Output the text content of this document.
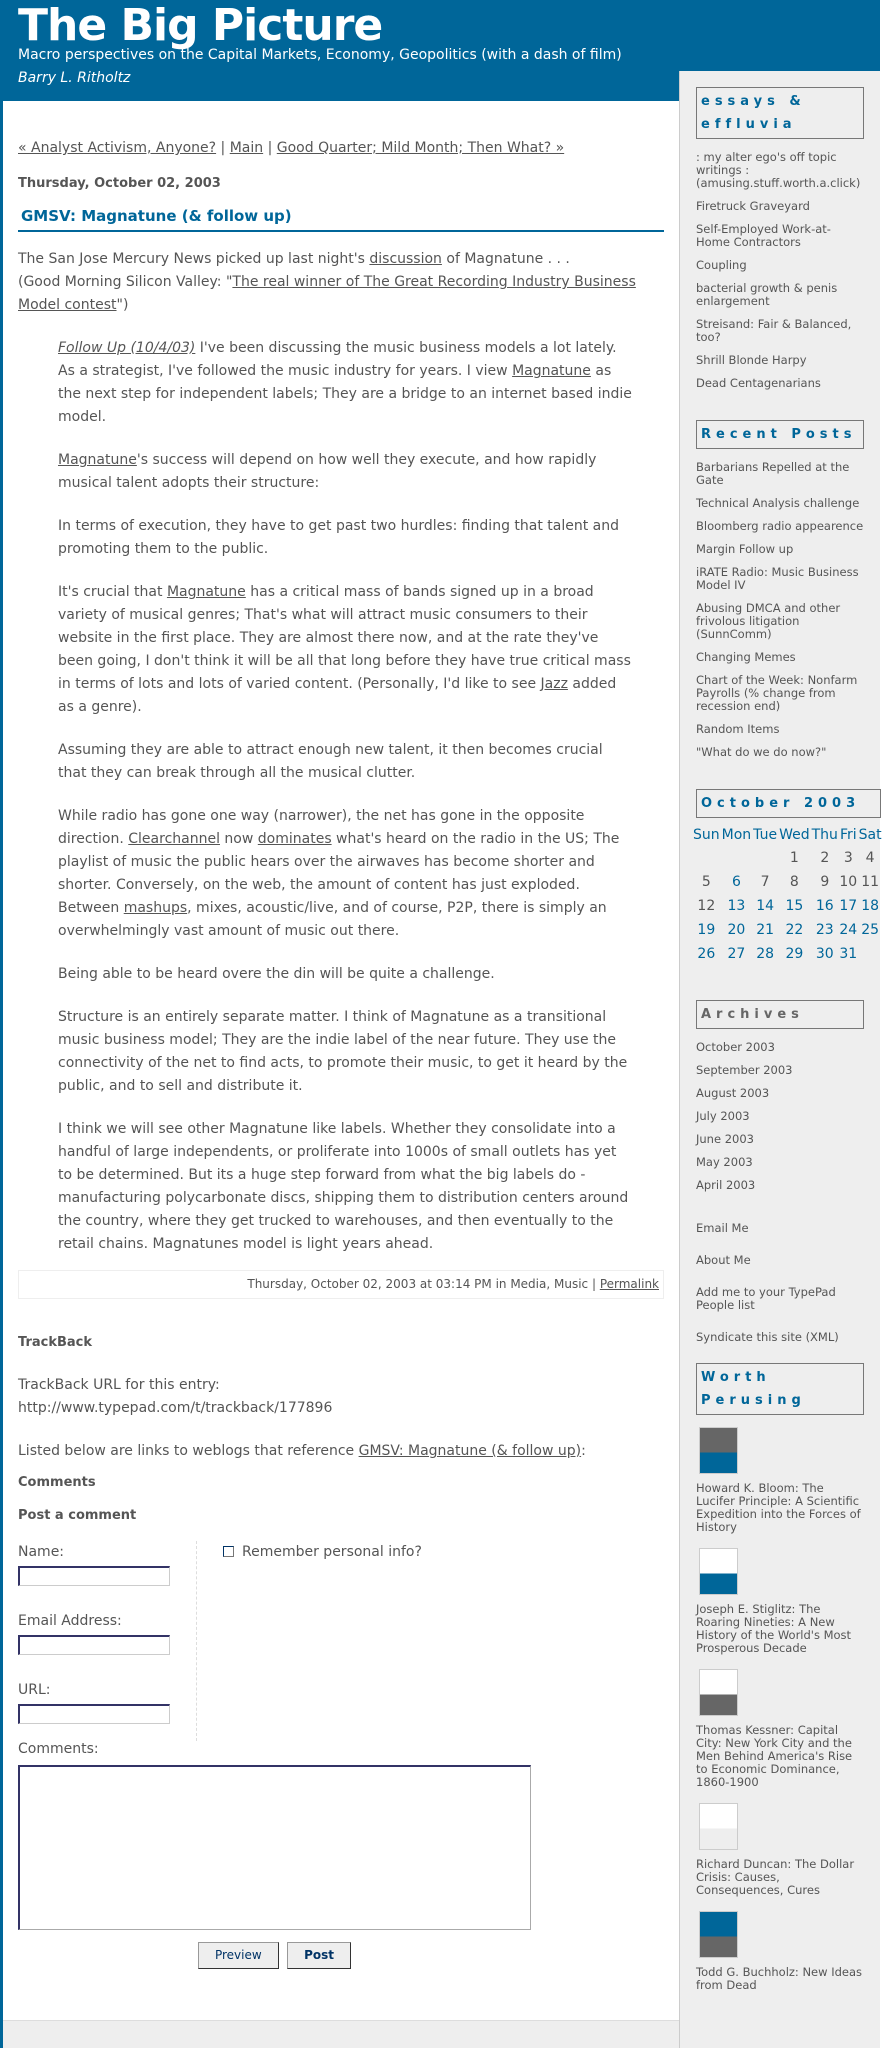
The Big Picture
Macro perspectives on the Capital Markets, Economy, Geopolitics (with a dash of film)
Barry L. Ritholtz
« Analyst Activism, Anyone? | Main | Good Quarter; Mild Month; Then What? »
Thursday, October 02, 2003
GMSV: Magnatune (& follow up)

The San Jose Mercury News picked up last night's discussion of Magnatune . . .
(Good Morning Silicon Valley: "The real winner of The Great Recording Industry Business Model contest")

Follow Up (10/4/03) I've been discussing the music business models a lot lately. As a strategist, I've followed the music industry for years. I view Magnatune as the next step for independent labels; They are a bridge to an internet based indie model.

Magnatune's success will depend on how well they execute, and how rapidly musical talent adopts their structure:

In terms of execution, they have to get past two hurdles: finding that talent and promoting them to the public.

It's crucial that Magnatune has a critical mass of bands signed up in a broad variety of musical genres; That's what will attract music consumers to their website in the first place. They are almost there now, and at the rate they've been going, I don't think it will be all that long before they have true critical mass in terms of lots and lots of varied content. (Personally, I'd like to see Jazz added as a genre).

Assuming they are able to attract enough new talent, it then becomes crucial that they can break through all the musical clutter.

While radio has gone one way (narrower), the net has gone in the opposite direction. Clearchannel now dominates what's heard on the radio in the US; The playlist of music the public hears over the airwaves has become shorter and shorter. Conversely, on the web, the amount of content has just exploded. Between mashups, mixes, acoustic/live, and of course, P2P, there is simply an overwhelmingly vast amount of music out there.

Being able to be heard overe the din will be quite a challenge.

Structure is an entirely separate matter. I think of Magnatune as a transitional music business model; They are the indie label of the near future. They use the connectivity of the net to find acts, to promote their music, to get it heard by the public, and to sell and distribute it.

I think we will see other Magnatune like labels. Whether they consolidate into a handful of large independents, or proliferate into 1000s of small outlets has yet to be determined. But its a huge step forward from what the big labels do - manufacturing polycarbonate discs, shipping them to distribution centers around the country, where they get trucked to warehouses, and then eventually to the retail chains. Magnatunes model is light years ahead.

Thursday, October 02, 2003 at 03:14 PM in Media, Music | Permalink
TrackBack

TrackBack URL for this entry:
http://www.typepad.com/t/trackback/177896

Listed below are links to weblogs that reference GMSV: Magnatune (& follow up):

Comments
Post a comment
Name:
Email Address:
URL:
Remember personal info?
Comments:
Preview	Post
essays & effluvia
: my alter ego's off topic writings : (amusing.stuff.worth.a.click)
Firetruck Graveyard
Self-Employed Work-at-Home Contractors
Coupling
bacterial growth & penis enlargement
Streisand: Fair & Balanced, too?
Shrill Blonde Harpy
Dead Centagenarians
Recent Posts
Barbarians Repelled at the Gate
Technical Analysis challenge
Bloomberg radio appearence
Margin Follow up
iRATE Radio: Music Business Model IV
Abusing DMCA and other frivolous litigation (SunnComm)
Changing Memes
Chart of the Week: Nonfarm Payrolls (% change from recession end)
Random Items
"What do we do now?"
October 2003
Sun	Mon	Tue	Wed	Thu	Fri	Sat
			1	2	3	4
5	6	7	8	9	10	11
12	13	14	15	16	17	18
19	20	21	22	23	24	25
26	27	28	29	30	31	
Archives
October 2003
September 2003
August 2003
July 2003
June 2003
May 2003
April 2003
Email Me
About Me
Add me to your TypePad People list
Syndicate this site (XML)
Worth Perusing
Howard K. Bloom: The Lucifer Principle: A Scientific Expedition into the Forces of History
Joseph E. Stiglitz: The Roaring Nineties: A New History of the World's Most Prosperous Decade
Thomas Kessner: Capital City: New York City and the Men Behind America's Rise to Economic Dominance, 1860-1900
Richard Duncan: The Dollar Crisis: Causes, Consequences, Cures
Todd G. Buchholz: New Ideas from Dead
